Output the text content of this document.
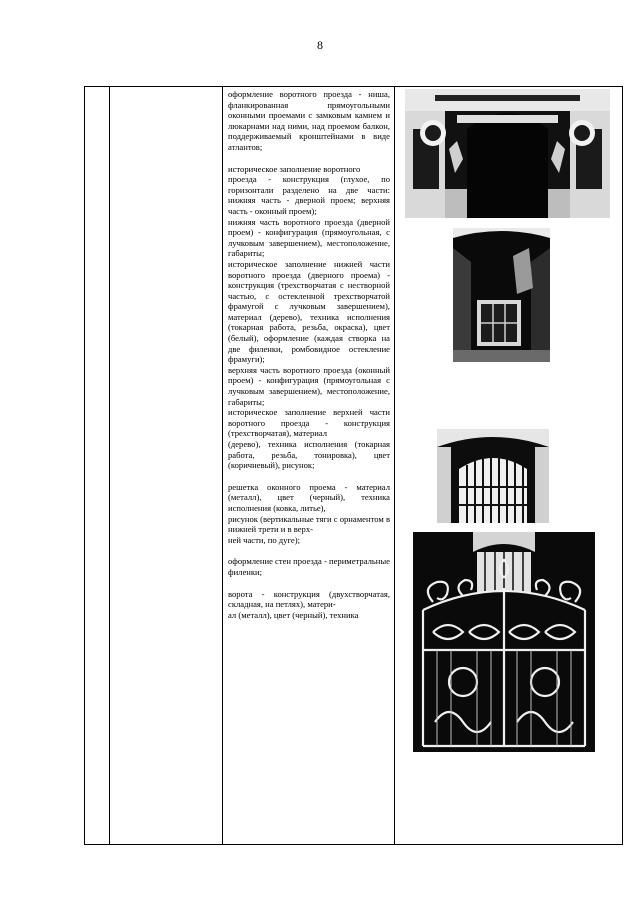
8

оформление воротного проезда - ниша, фланкированная прямоугольными оконными проемами с замковым камнем и люкарнами над ними, над проемом балкон, поддерживаемый кронштейнами в виде атлантов;

историческое заполнение воротного
проезда - конструкция (глухое, по горизонтали разделено на две части: нижняя часть - дверной проем; верхняя часть - оконный проем);
нижняя часть воротного проезда (дверной проем) - конфигурация (прямоугольная, с лучковым завершением), местоположение, габариты;
историческое заполнение нижней части воротного проезда (дверного проема) - конструкция (трехстворчатая с нестворной частью, с остекленной трехстворчатой фрамугой с лучковым завершением), материал (дерево), техника исполнения (токарная работа, резьба, окраска), цвет (белый), оформление (каждая створка на две филенки, ромбовидное остекление фрамуги);
верхняя часть воротного проезда (оконный проем) - конфигурация (прямоугольная с лучковым завершением), местоположение, габариты;
историческое заполнение верхней части воротного проезда - конструкция (трехстворчатая), материал
(дерево), техника исполнения (токарная работа, резьба, тонировка), цвет (коричневый), рисунок;

решетка оконного проема - материал (металл), цвет (черный), техника исполнения (ковка, литье),
рисунок (вертикальные тяги с орнаментом в нижней трети и в верх-
ней части, по дуге);

оформление стен проезда - периметральные филенки;

ворота - конструкция (двухстворчатая, складная, на петлях), матери-
ал (металл), цвет (черный), техника
